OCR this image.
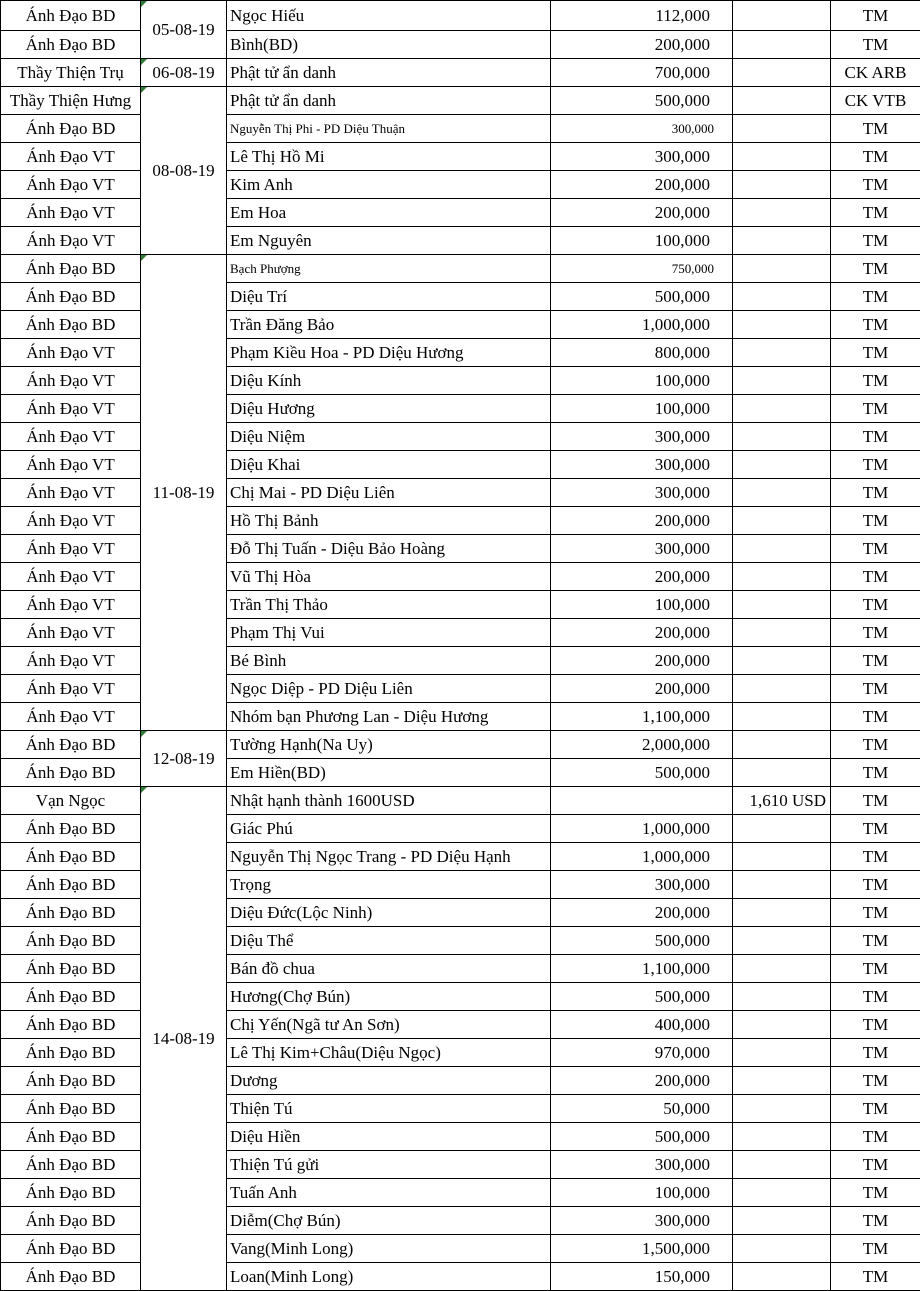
Ánh Đạo BD	05-08-19	Ngọc Hiếu	112,000		TM
Ánh Đạo BD		Bình(BD)	200,000		TM
Thầy Thiện Trụ	06-08-19	Phật tử ẩn danh	700,000		CK ARB
Thầy Thiện Hưng	08-08-19	Phật tử ẩn danh	500,000		CK VTB
Ánh Đạo BD		Nguyễn Thị Phi - PD Diệu Thuận	300,000		TM
Ánh Đạo VT		Lê Thị Hồ Mi	300,000		TM
Ánh Đạo VT		Kim Anh	200,000		TM
Ánh Đạo VT		Em Hoa	200,000		TM
Ánh Đạo VT		Em Nguyên	100,000		TM
Ánh Đạo BD	11-08-19	Bạch Phượng	750,000		TM
Ánh Đạo BD		Diệu Trí	500,000		TM
Ánh Đạo BD		Trần Đăng Bảo	1,000,000		TM
Ánh Đạo VT		Phạm Kiều Hoa - PD Diệu Hương	800,000		TM
Ánh Đạo VT		Diệu Kính	100,000		TM
Ánh Đạo VT		Diệu Hương	100,000		TM
Ánh Đạo VT		Diệu Niệm	300,000		TM
Ánh Đạo VT		Diệu Khai	300,000		TM
Ánh Đạo VT		Chị Mai - PD Diệu Liên	300,000		TM
Ánh Đạo VT		Hồ Thị Bảnh	200,000		TM
Ánh Đạo VT		Đỗ Thị Tuấn - Diệu Bảo Hoàng	300,000		TM
Ánh Đạo VT		Vũ Thị Hòa	200,000		TM
Ánh Đạo VT		Trần Thị Thảo	100,000		TM
Ánh Đạo VT		Phạm Thị Vui	200,000		TM
Ánh Đạo VT		Bé Bình	200,000		TM
Ánh Đạo VT		Ngọc Diệp - PD Diệu Liên	200,000		TM
Ánh Đạo VT		Nhóm bạn Phương Lan - Diệu Hương	1,100,000		TM
Ánh Đạo BD	12-08-19	Tường Hạnh(Na Uy)	2,000,000		TM
Ánh Đạo BD		Em Hiền(BD)	500,000		TM
Vạn Ngọc	14-08-19	Nhật hạnh thành 1600USD		1,610 USD	TM
Ánh Đạo BD		Giác Phú	1,000,000		TM
Ánh Đạo BD		Nguyễn Thị Ngọc Trang - PD Diệu Hạnh	1,000,000		TM
Ánh Đạo BD		Trọng	300,000		TM
Ánh Đạo BD		Diệu Đức(Lộc Ninh)	200,000		TM
Ánh Đạo BD		Diệu Thể	500,000		TM
Ánh Đạo BD		Bán đồ chua	1,100,000		TM
Ánh Đạo BD		Hương(Chợ Bún)	500,000		TM
Ánh Đạo BD		Chị Yến(Ngã tư An Sơn)	400,000		TM
Ánh Đạo BD		Lê Thị Kim+Châu(Diệu Ngọc)	970,000		TM
Ánh Đạo BD		Dương	200,000		TM
Ánh Đạo BD		Thiện Tú	50,000		TM
Ánh Đạo BD		Diệu Hiền	500,000		TM
Ánh Đạo BD		Thiện Tú gửi	300,000		TM
Ánh Đạo BD		Tuấn Anh	100,000		TM
Ánh Đạo BD		Diễm(Chợ Bún)	300,000		TM
Ánh Đạo BD		Vang(Minh Long)	1,500,000		TM
Ánh Đạo BD		Loan(Minh Long)	150,000		TM
